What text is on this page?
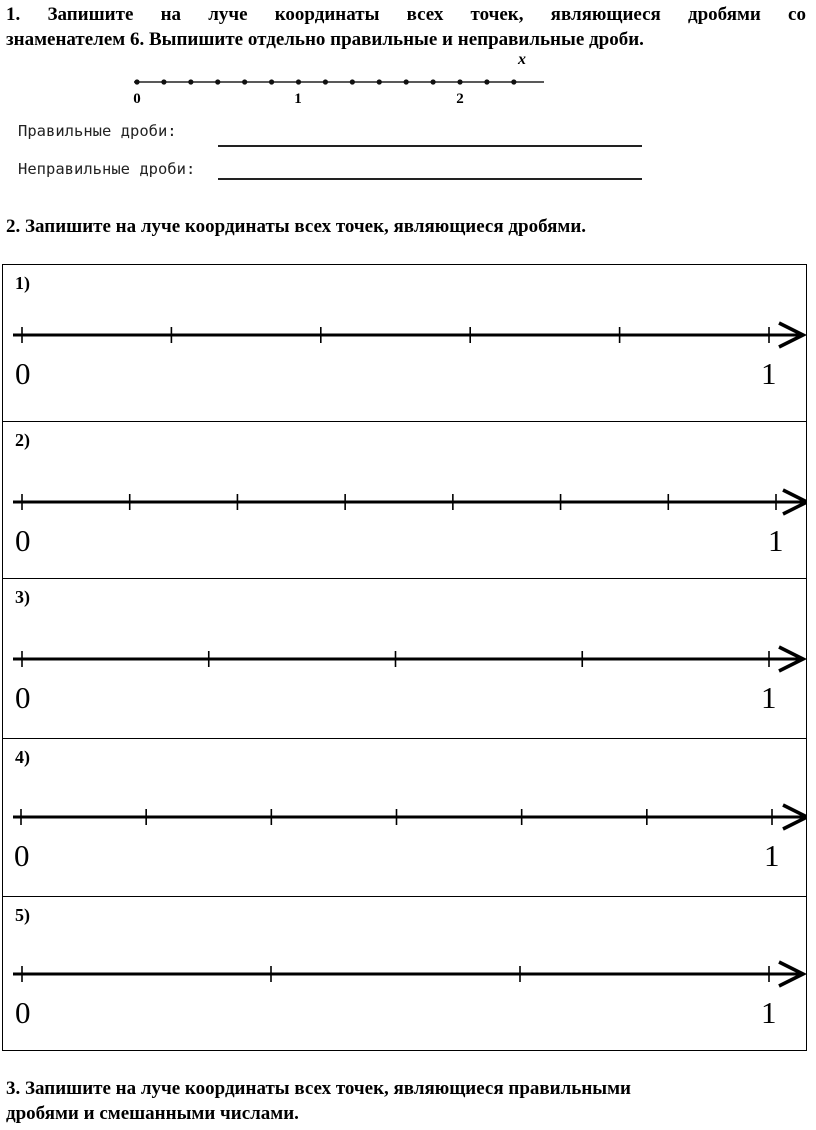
1. Запишите на луче координаты всех точек, являющиеся дробями со
знаменателем 6. Выпишите отдельно правильные и неправильные дроби.
0	1	2
x
Правильные дроби:
Неправильные дроби:
2. Запишите на луче координаты всех точек, являющиеся дробями.
1)
0	1
2)
0	1
3)
0	1
4)
0	1
5)
0	1
3. Запишите на луче координаты всех точек, являющиеся правильными
дробями и смешанными числами.
